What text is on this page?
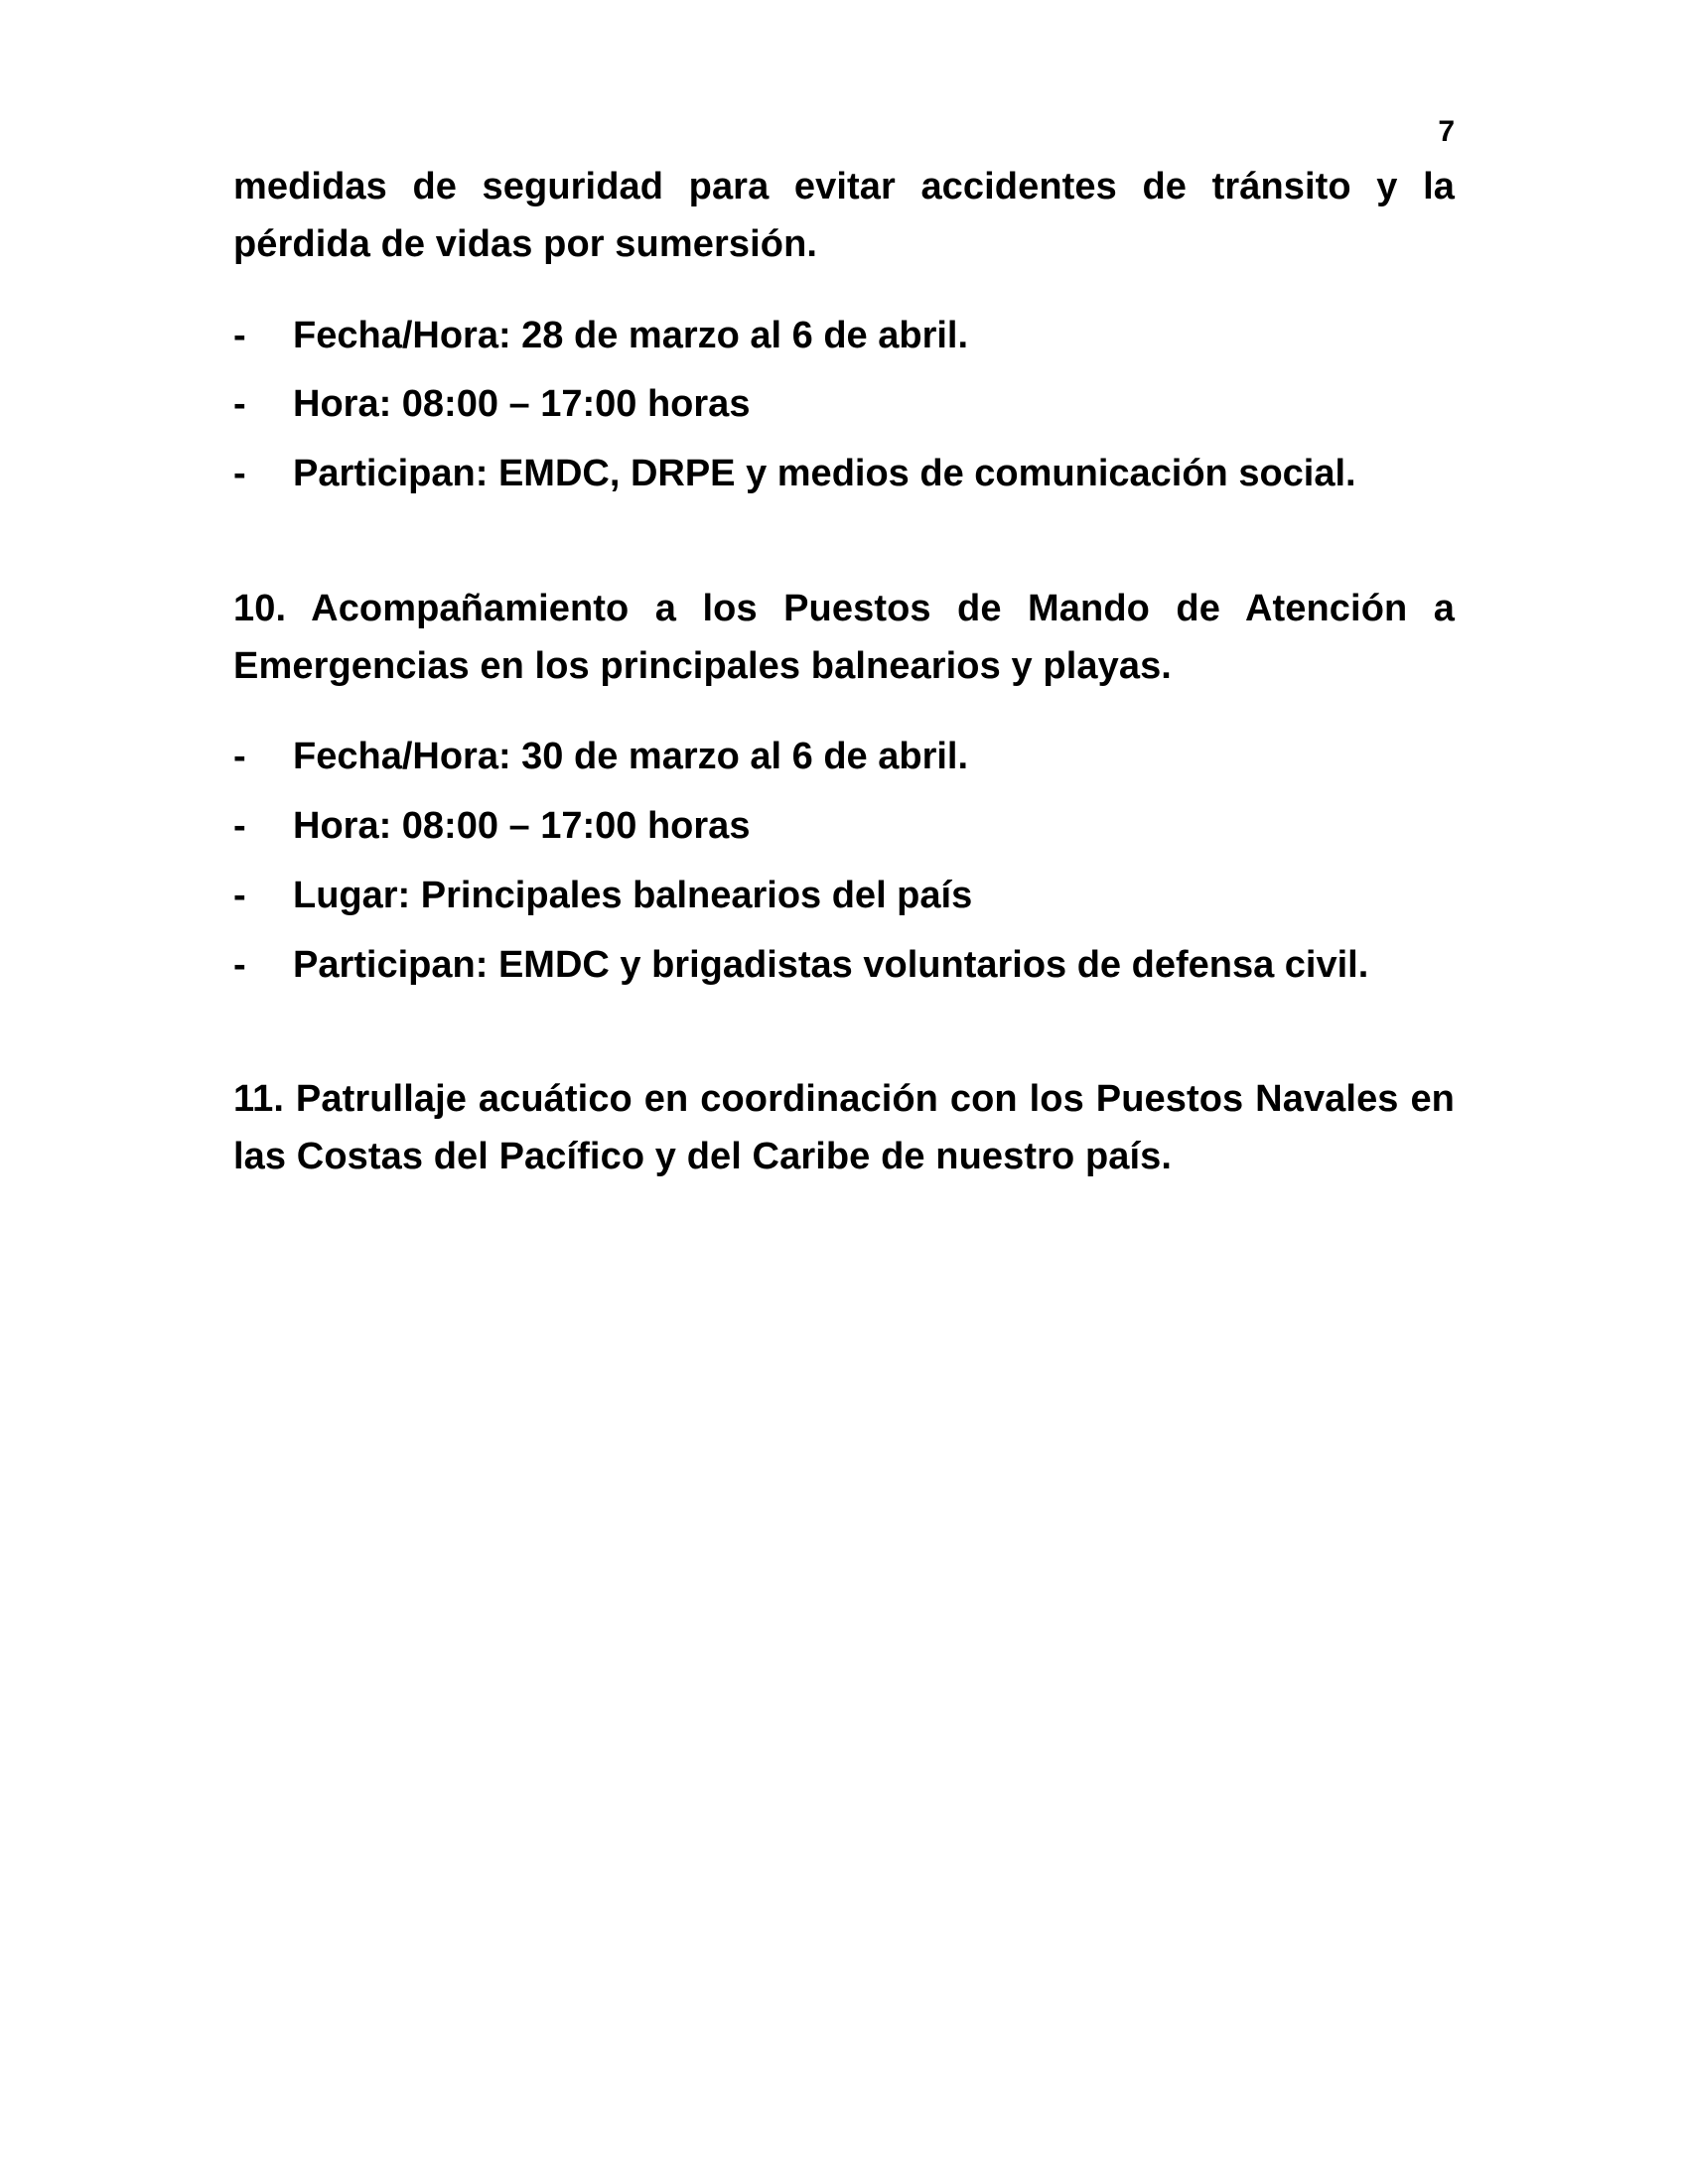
7

medidas de seguridad para evitar accidentes de tránsito y la pérdida de vidas por sumersión.

- Fecha/Hora: 28 de marzo al 6 de abril.
- Hora: 08:00 – 17:00 horas
- Participan: EMDC, DRPE y medios de comunicación social.

10. Acompañamiento a los Puestos de Mando de Atención a Emergencias en los principales balnearios y playas.

- Fecha/Hora: 30 de marzo al 6 de abril.
- Hora: 08:00 – 17:00 horas
- Lugar: Principales balnearios del país
- Participan: EMDC y brigadistas voluntarios de defensa civil.

11. Patrullaje acuático en coordinación con los Puestos Navales en las Costas del Pacífico y del Caribe de nuestro país.
